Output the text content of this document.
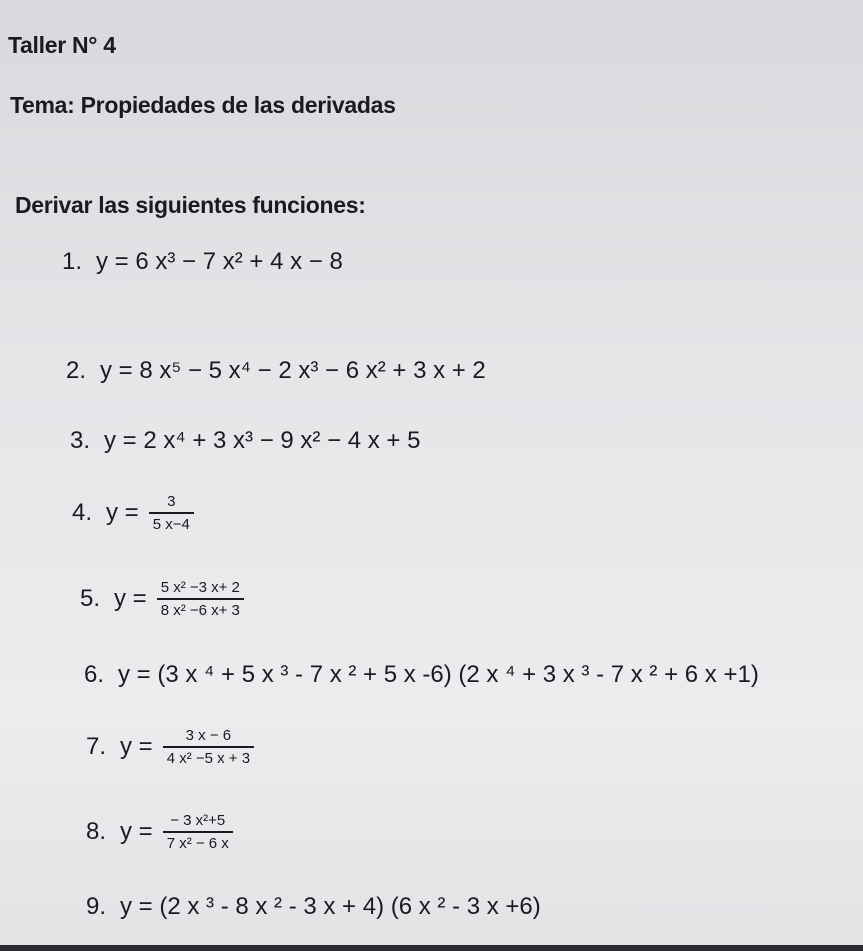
Taller N° 4
Tema: Propiedades de las derivadas
Derivar las siguientes funciones:
1. y = 6 x³ − 7 x² + 4 x − 8
2. y = 8 x⁵ − 5 x⁴ − 2 x³ − 6 x² + 3 x + 2
3. y = 2 x⁴ + 3 x³ − 9 x² − 4 x + 5
4. $y = \frac{3}{5 x-4}$
5. $y = \frac{\text{5 x² −3 x+ 2}}{\text{8 x² −6 x+ 3}}$
6. y = (3 x ⁴ + 5 x ³ - 7 x ² + 5 x -6) (2 x ⁴ + 3 x ³ - 7 x ² + 6 x +1)
7. $y = \frac{3 x - 6}{\text{4 x² −5 x + 3}}$
8. $y = \frac{\text{− 3 x²+5}}{\text{7 x² − 6 x}}$
9. y = (2 x ³ - 8 x ² - 3 x + 4) (6 x ² - 3 x +6)
